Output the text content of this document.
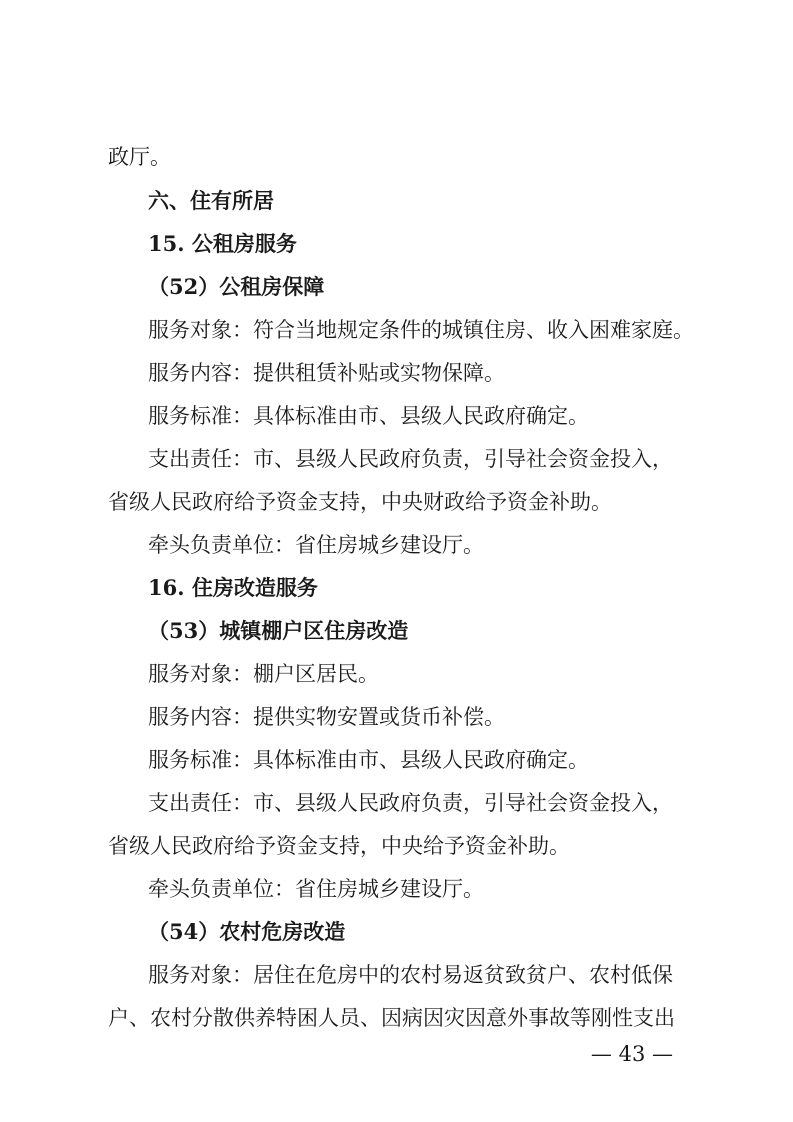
政厅。
六、住有所居
15. 公租房服务
（52）公租房保障
服务对象：符合当地规定条件的城镇住房、收入困难家庭。
服务内容：提供租赁补贴或实物保障。
服务标准：具体标准由市、县级人民政府确定。
支出责任：市、县级人民政府负责，引导社会资金投入，
省级人民政府给予资金支持，中央财政给予资金补助。
牵头负责单位：省住房城乡建设厅。
16. 住房改造服务
（53）城镇棚户区住房改造
服务对象：棚户区居民。
服务内容：提供实物安置或货币补偿。
服务标准：具体标准由市、县级人民政府确定。
支出责任：市、县级人民政府负责，引导社会资金投入，
省级人民政府给予资金支持，中央给予资金补助。
牵头负责单位：省住房城乡建设厅。
（54）农村危房改造
服务对象：居住在危房中的农村易返贫致贫户、农村低保
户、农村分散供养特困人员、因病因灾因意外事故等刚性支出
— 43 —
